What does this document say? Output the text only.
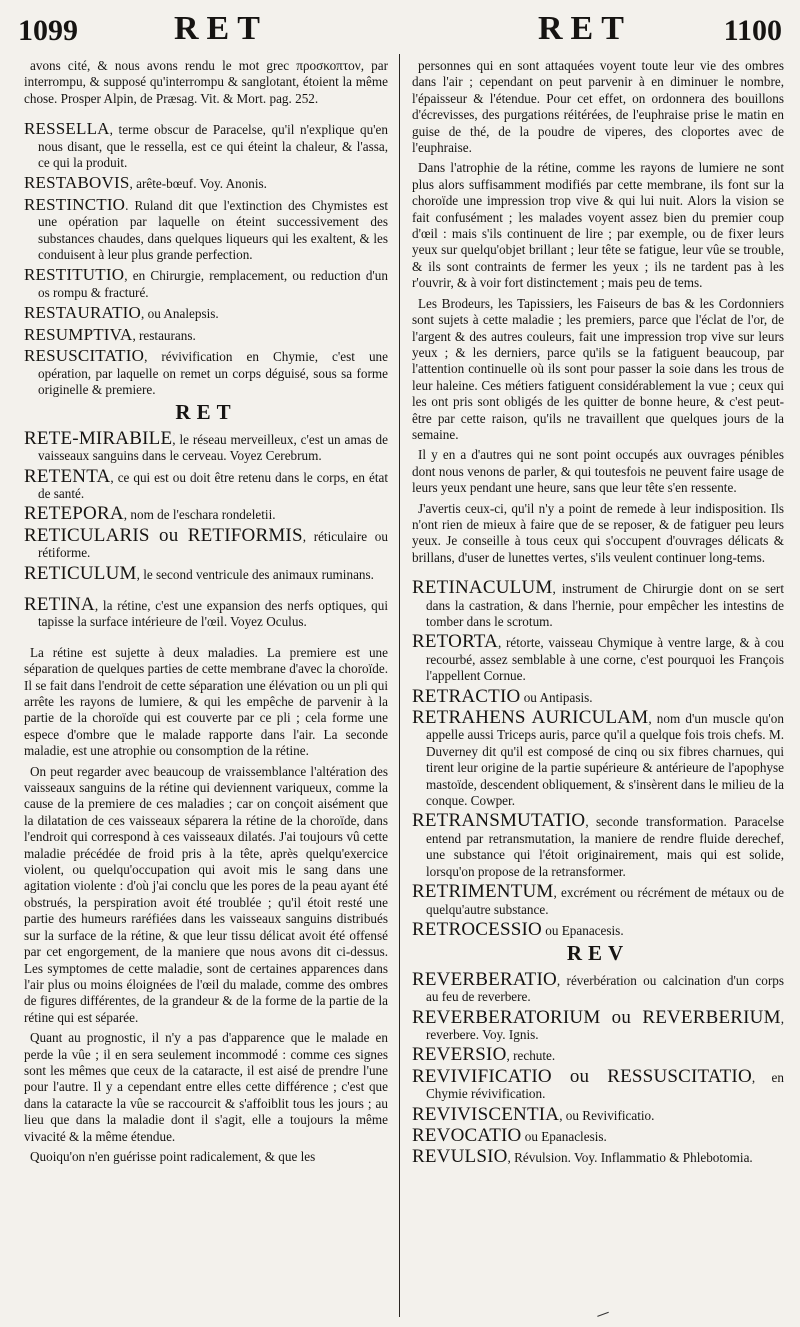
1099	RET	RET	1100
avons cité, & nous avons rendu le mot grec προσκοπτον, par interrompu, & supposé qu'interrompu & sanglotant, étoient la même chose. Prosper Alpin, de Præsag. Vit. & Mort. pag. 252.
RESSELLA, terme obscur de Paracelse, qu'il n'explique qu'en nous disant, que le ressella, est ce qui éteint la chaleur, & l'assa, ce qui la produit.
RESTABOVIS, arête-bœuf. Voy. Anonis.
RESTINCTIO. Ruland dit que l'extinction des Chymistes est une opération par laquelle on éteint successivement des substances chaudes, dans quelques liqueurs qui les exaltent, & les conduisent à leur plus grande perfection.
RESTITUTIO, en Chirurgie, remplacement, ou reduction d'un os rompu & fracturé.
RESTAURATIO, ou Analepsis.
RESUMPTIVA, restaurans.
RESUSCITATIO, révivification en Chymie, c'est une opération, par laquelle on remet un corps déguisé, sous sa forme originelle & premiere.
RET
RETE-MIRABILE, le réseau merveilleux, c'est un amas de vaisseaux sanguins dans le cerveau. Voyez Cerebrum.
RETENTA, ce qui est ou doit être retenu dans le corps, en état de santé.
RETEPORA, nom de l'eschara rondeletii.
RETICULARIS ou RETIFORMIS, réticulaire ou rétiforme.
RETICULUM, le second ventricule des animaux ruminans.
RETINA, la rétine, c'est une expansion des nerfs optiques, qui tapisse la surface intérieure de l'œil. Voyez Oculus.
La rétine est sujette à deux maladies. La premiere est une séparation de quelques parties de cette membrane d'avec la choroïde. Il se fait dans l'endroit de cette séparation une élévation ou un pli qui arrête les rayons de lumiere, & qui les empêche de parvenir à la partie de la choroïde qui est couverte par ce pli ; cela forme une espece d'ombre que le malade rapporte dans l'air. La seconde maladie, est une atrophie ou consomption de la rétine.
On peut regarder avec beaucoup de vraissemblance l'altération des vaisseaux sanguins de la rétine qui deviennent variqueux, comme la cause de la premiere de ces maladies ; car on conçoit aisément que la dilatation de ces vaisseaux séparera la rétine de la choroïde, dans l'endroit qui correspond à ces vaisseaux dilatés. J'ai toujours vû cette maladie précédée de froid pris à la tête, après quelqu'exercice violent, ou quelqu'occupation qui avoit mis le sang dans une agitation violente : d'où j'ai conclu que les pores de la peau ayant été obstrués, la perspiration avoit été troublée ; qu'il étoit resté une partie des humeurs raréfiées dans les vaisseaux sanguins distribués sur la surface de la rétine, & que leur tissu délicat avoit été offensé par cet engorgement, de la maniere que nous avons dit ci-dessus. Les symptomes de cette maladie, sont de certaines apparences dans l'air plus ou moins éloignées de l'œil du malade, comme des ombres de figures différentes, de la grandeur & de la forme de la partie de la rétine qui est séparée.
Quant au prognostic, il n'y a pas d'apparence que le malade en perde la vûe ; il en sera seulement incommodé : comme ces signes sont les mêmes que ceux de la cataracte, il est aisé de prendre l'une pour l'autre. Il y a cependant entre elles cette différence ; c'est que dans la cataracte la vûe se raccourcit & s'affoiblit tous les jours ; au lieu que dans la maladie dont il s'agit, elle a toujours la même vivacité & la même étendue.
Quoiqu'on n'en guérisse point radicalement, & que les
personnes qui en sont attaquées voyent toute leur vie des ombres dans l'air ; cependant on peut parvenir à en diminuer le nombre, l'épaisseur & l'étendue. Pour cet effet, on ordonnera des bouillons d'écrevisses, des purgations réitérées, de l'euphraise prise le matin en guise de thé, de la poudre de viperes, des cloportes avec de l'euphraise.
Dans l'atrophie de la rétine, comme les rayons de lumiere ne sont plus alors suffisamment modifiés par cette membrane, ils font sur la choroïde une impression trop vive & qui lui nuit. Alors la vision se fait confusément ; les malades voyent assez bien du premier coup d'œil : mais s'ils continuent de lire ; par exemple, ou de fixer leurs yeux sur quelqu'objet brillant ; leur tête se fatigue, leur vûe se trouble, & ils sont contraints de fermer les yeux ; ils ne tardent pas à les r'ouvrir, & à voir fort distinctement ; mais peu de tems.
Les Brodeurs, les Tapissiers, les Faiseurs de bas & les Cordonniers sont sujets à cette maladie ; les premiers, parce que l'éclat de l'or, de l'argent & des autres couleurs, fait une impression trop vive sur leurs yeux ; & les derniers, parce qu'ils se la fatiguent beaucoup, par l'attention continuelle où ils sont pour passer la soie dans les trous de leur haleine. Ces métiers fatiguent considérablement la vue ; ceux qui les ont pris sont obligés de les quitter de bonne heure, & c'est peut-être par cette raison, qu'ils ne travaillent que quelques jours de la semaine.
Il y en a d'autres qui ne sont point occupés aux ouvrages pénibles dont nous venons de parler, & qui toutesfois ne peuvent faire usage de leurs yeux pendant une heure, sans que leur tête s'en ressente.
J'avertis ceux-ci, qu'il n'y a point de remede à leur indisposition. Ils n'ont rien de mieux à faire que de se reposer, & de fatiguer peu leurs yeux. Je conseille à tous ceux qui s'occupent d'ouvrages délicats & brillans, d'user de lunettes vertes, s'ils veulent continuer long-tems.
RETINACULUM, instrument de Chirurgie dont on se sert dans la castration, & dans l'hernie, pour empêcher les intestins de tomber dans le scrotum.
RETORTA, rétorte, vaisseau Chymique à ventre large, & à cou recourbé, assez semblable à une corne, c'est pourquoi les François l'appellent Cornue.
RETRACTIO ou Antipasis.
RETRAHENS AURICULAM, nom d'un muscle qu'on appelle aussi Triceps auris, parce qu'il a quelque fois trois chefs. M. Duverney dit qu'il est composé de cinq ou six fibres charnues, qui tirent leur origine de la partie supérieure & antérieure de l'apophyse mastoïde, descendent obliquement, & s'insèrent dans le milieu de la conque. Cowper.
RETRANSMUTATIO, seconde transformation. Paracelse entend par retransmutation, la maniere de rendre fluide derechef, une substance qui l'étoit originairement, mais qui est solide, lorsqu'on propose de la retransformer.
RETRIMENTUM, excrément ou récrément de métaux ou de quelqu'autre substance.
RETROCESSIO ou Epanacesis.
REV
REVERBERATIO, réverbération ou calcination d'un corps au feu de reverbere.
REVERBERATORIUM ou REVERBERIUM, reverbere. Voy. Ignis.
REVERSIO, rechute.
REVIVIFICATIO ou RESSUSCITATIO, en Chymie révivification.
REVIVISCENTIA, ou Revivificatio.
REVOCATIO ou Epanaclesis.
REVULSIO, Révulsion. Voy. Inflammatio & Phlebotomia.
